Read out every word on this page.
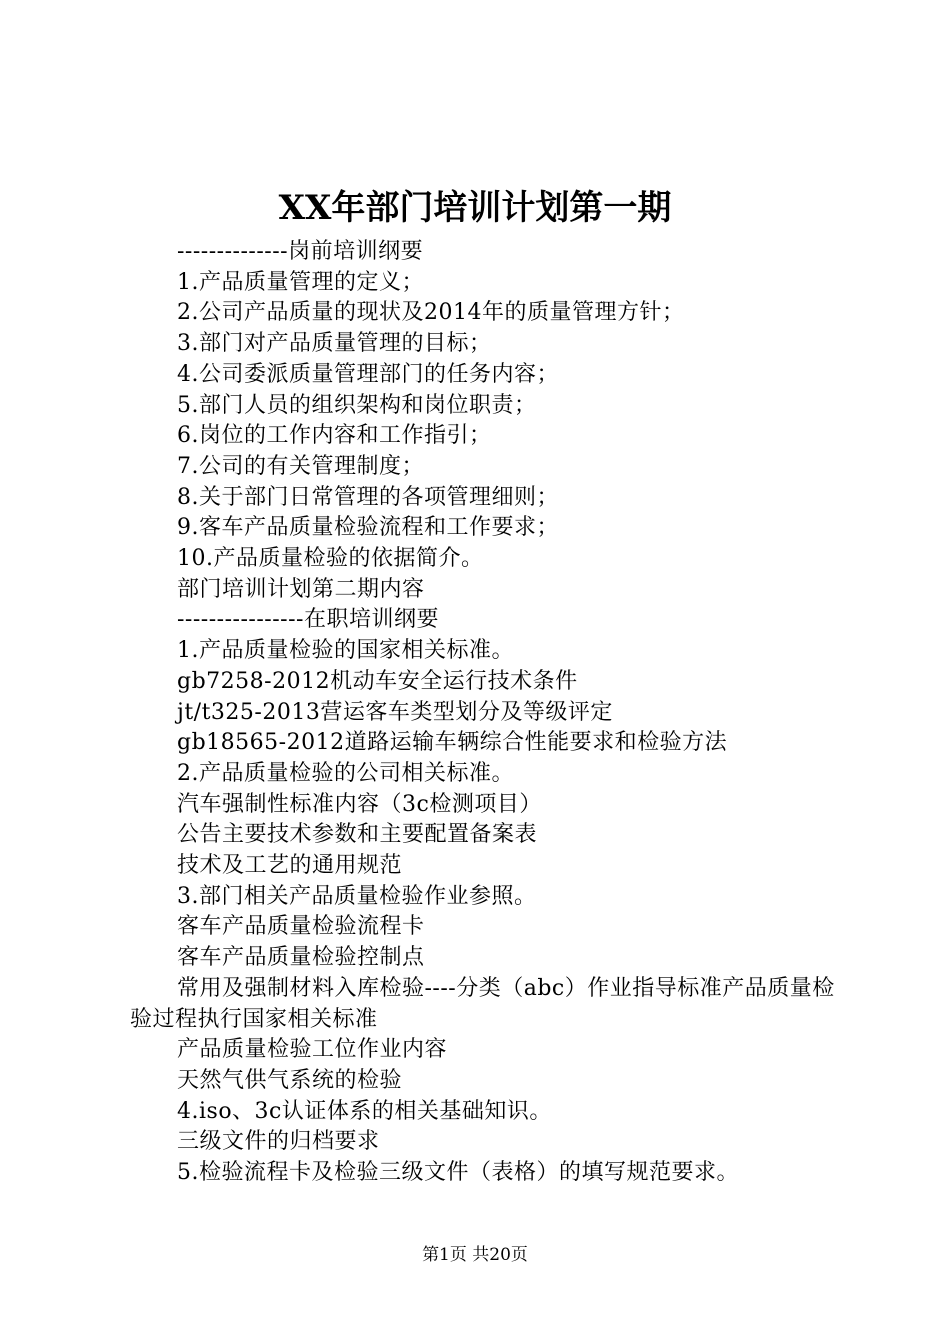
XX年部门培训计划第一期
--------------岗前培训纲要
1.产品质量管理的定义；
2.公司产品质量的现状及2014年的质量管理方针；
3.部门对产品质量管理的目标；
4.公司委派质量管理部门的任务内容；
5.部门人员的组织架构和岗位职责；
6.岗位的工作内容和工作指引；
7.公司的有关管理制度；
8.关于部门日常管理的各项管理细则；
9.客车产品质量检验流程和工作要求；
10.产品质量检验的依据简介。
部门培训计划第二期内容
----------------在职培训纲要
1.产品质量检验的国家相关标准。
gb7258-2012机动车安全运行技术条件
jt/t325-2013营运客车类型划分及等级评定
gb18565-2012道路运输车辆综合性能要求和检验方法
2.产品质量检验的公司相关标准。
汽车强制性标准内容（3c检测项目）
公告主要技术参数和主要配置备案表
技术及工艺的通用规范
3.部门相关产品质量检验作业参照。
客车产品质量检验流程卡
客车产品质量检验控制点
常用及强制材料入库检验----分类（abc）作业指导标准产品质量检验过程执行国家相关标准
产品质量检验工位作业内容
天然气供气系统的检验
4.iso、3c认证体系的相关基础知识。
三级文件的归档要求
5.检验流程卡及检验三级文件（表格）的填写规范要求。
第1页 共20页
